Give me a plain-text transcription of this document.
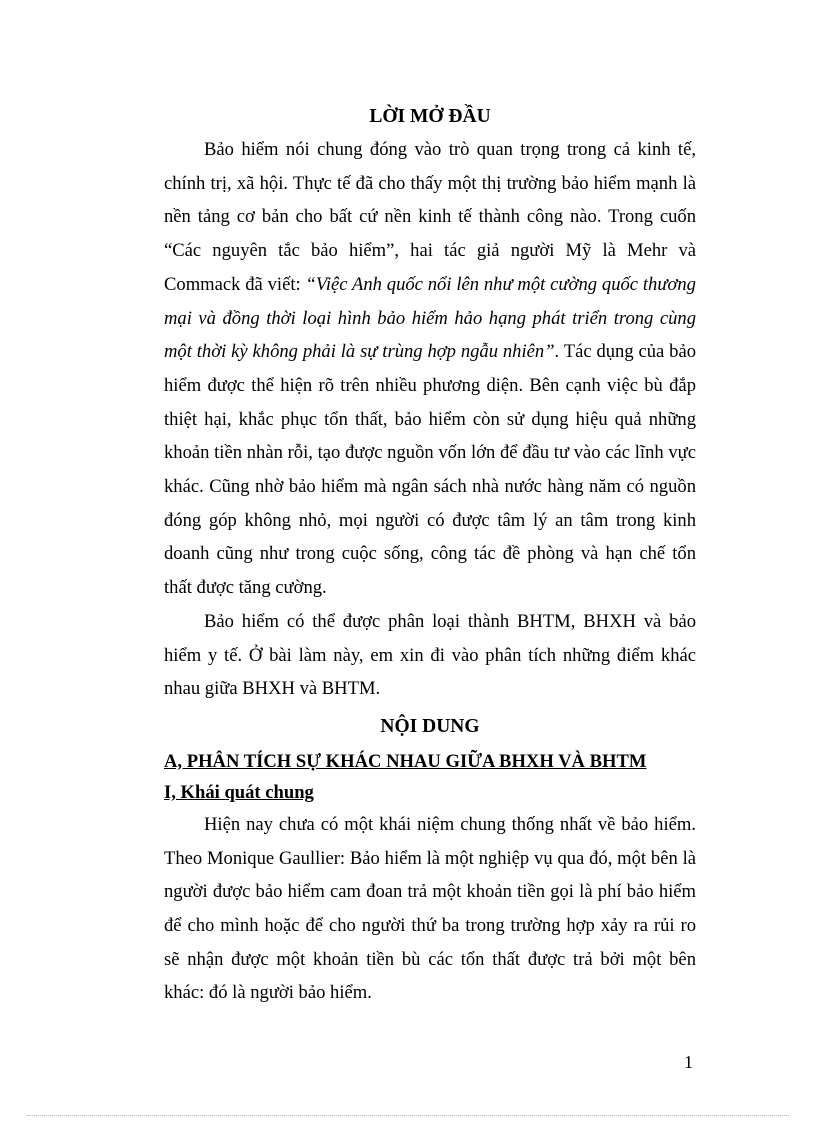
LỜI MỞ ĐẦU

Bảo hiểm nói chung đóng vào trò quan trọng trong cả kinh tế, chính trị, xã hội. Thực tế đã cho thấy một thị trường bảo hiểm mạnh là nền tảng cơ bản cho bất cứ nền kinh tế thành công nào. Trong cuốn “Các nguyên tắc bảo hiểm”, hai tác giả người Mỹ là Mehr và Commack đã viết: “Việc Anh quốc nổi lên như một cường quốc thương mại và đồng thời loại hình bảo hiểm hảo hạng phát triển trong cùng một thời kỳ không phải là sự trùng hợp ngẫu nhiên”. Tác dụng của bảo hiểm được thể hiện rõ trên nhiều phương diện. Bên cạnh việc bù đắp thiệt hại, khắc phục tổn thất, bảo hiểm còn sử dụng hiệu quả những khoản tiền nhàn rỗi, tạo được nguồn vốn lớn để đầu tư vào các lĩnh vực khác. Cũng nhờ bảo hiểm mà ngân sách nhà nước hàng năm có nguồn đóng góp không nhỏ, mọi người có được tâm lý an tâm trong kinh doanh cũng như trong cuộc sống, công tác đề phòng và hạn chế tổn thất được tăng cường.

Bảo hiểm có thể được phân loại thành BHTM, BHXH và bảo hiểm y tế. Ở bài làm này, em xin đi vào phân tích những điểm khác nhau giữa BHXH và BHTM.

NỘI DUNG
A, PHÂN TÍCH SỰ KHÁC NHAU GIỮA BHXH VÀ BHTM
I, Khái quát chung

Hiện nay chưa có một khái niệm chung thống nhất về bảo hiểm. Theo Monique Gaullier: Bảo hiểm là một nghiệp vụ qua đó, một bên là người được bảo hiểm cam đoan trả một khoản tiền gọi là phí bảo hiểm để cho mình hoặc để cho người thứ ba trong trường hợp xảy ra rủi ro sẽ nhận được một khoản tiền bù các tổn thất được trả bởi một bên khác: đó là người bảo hiểm.

1
